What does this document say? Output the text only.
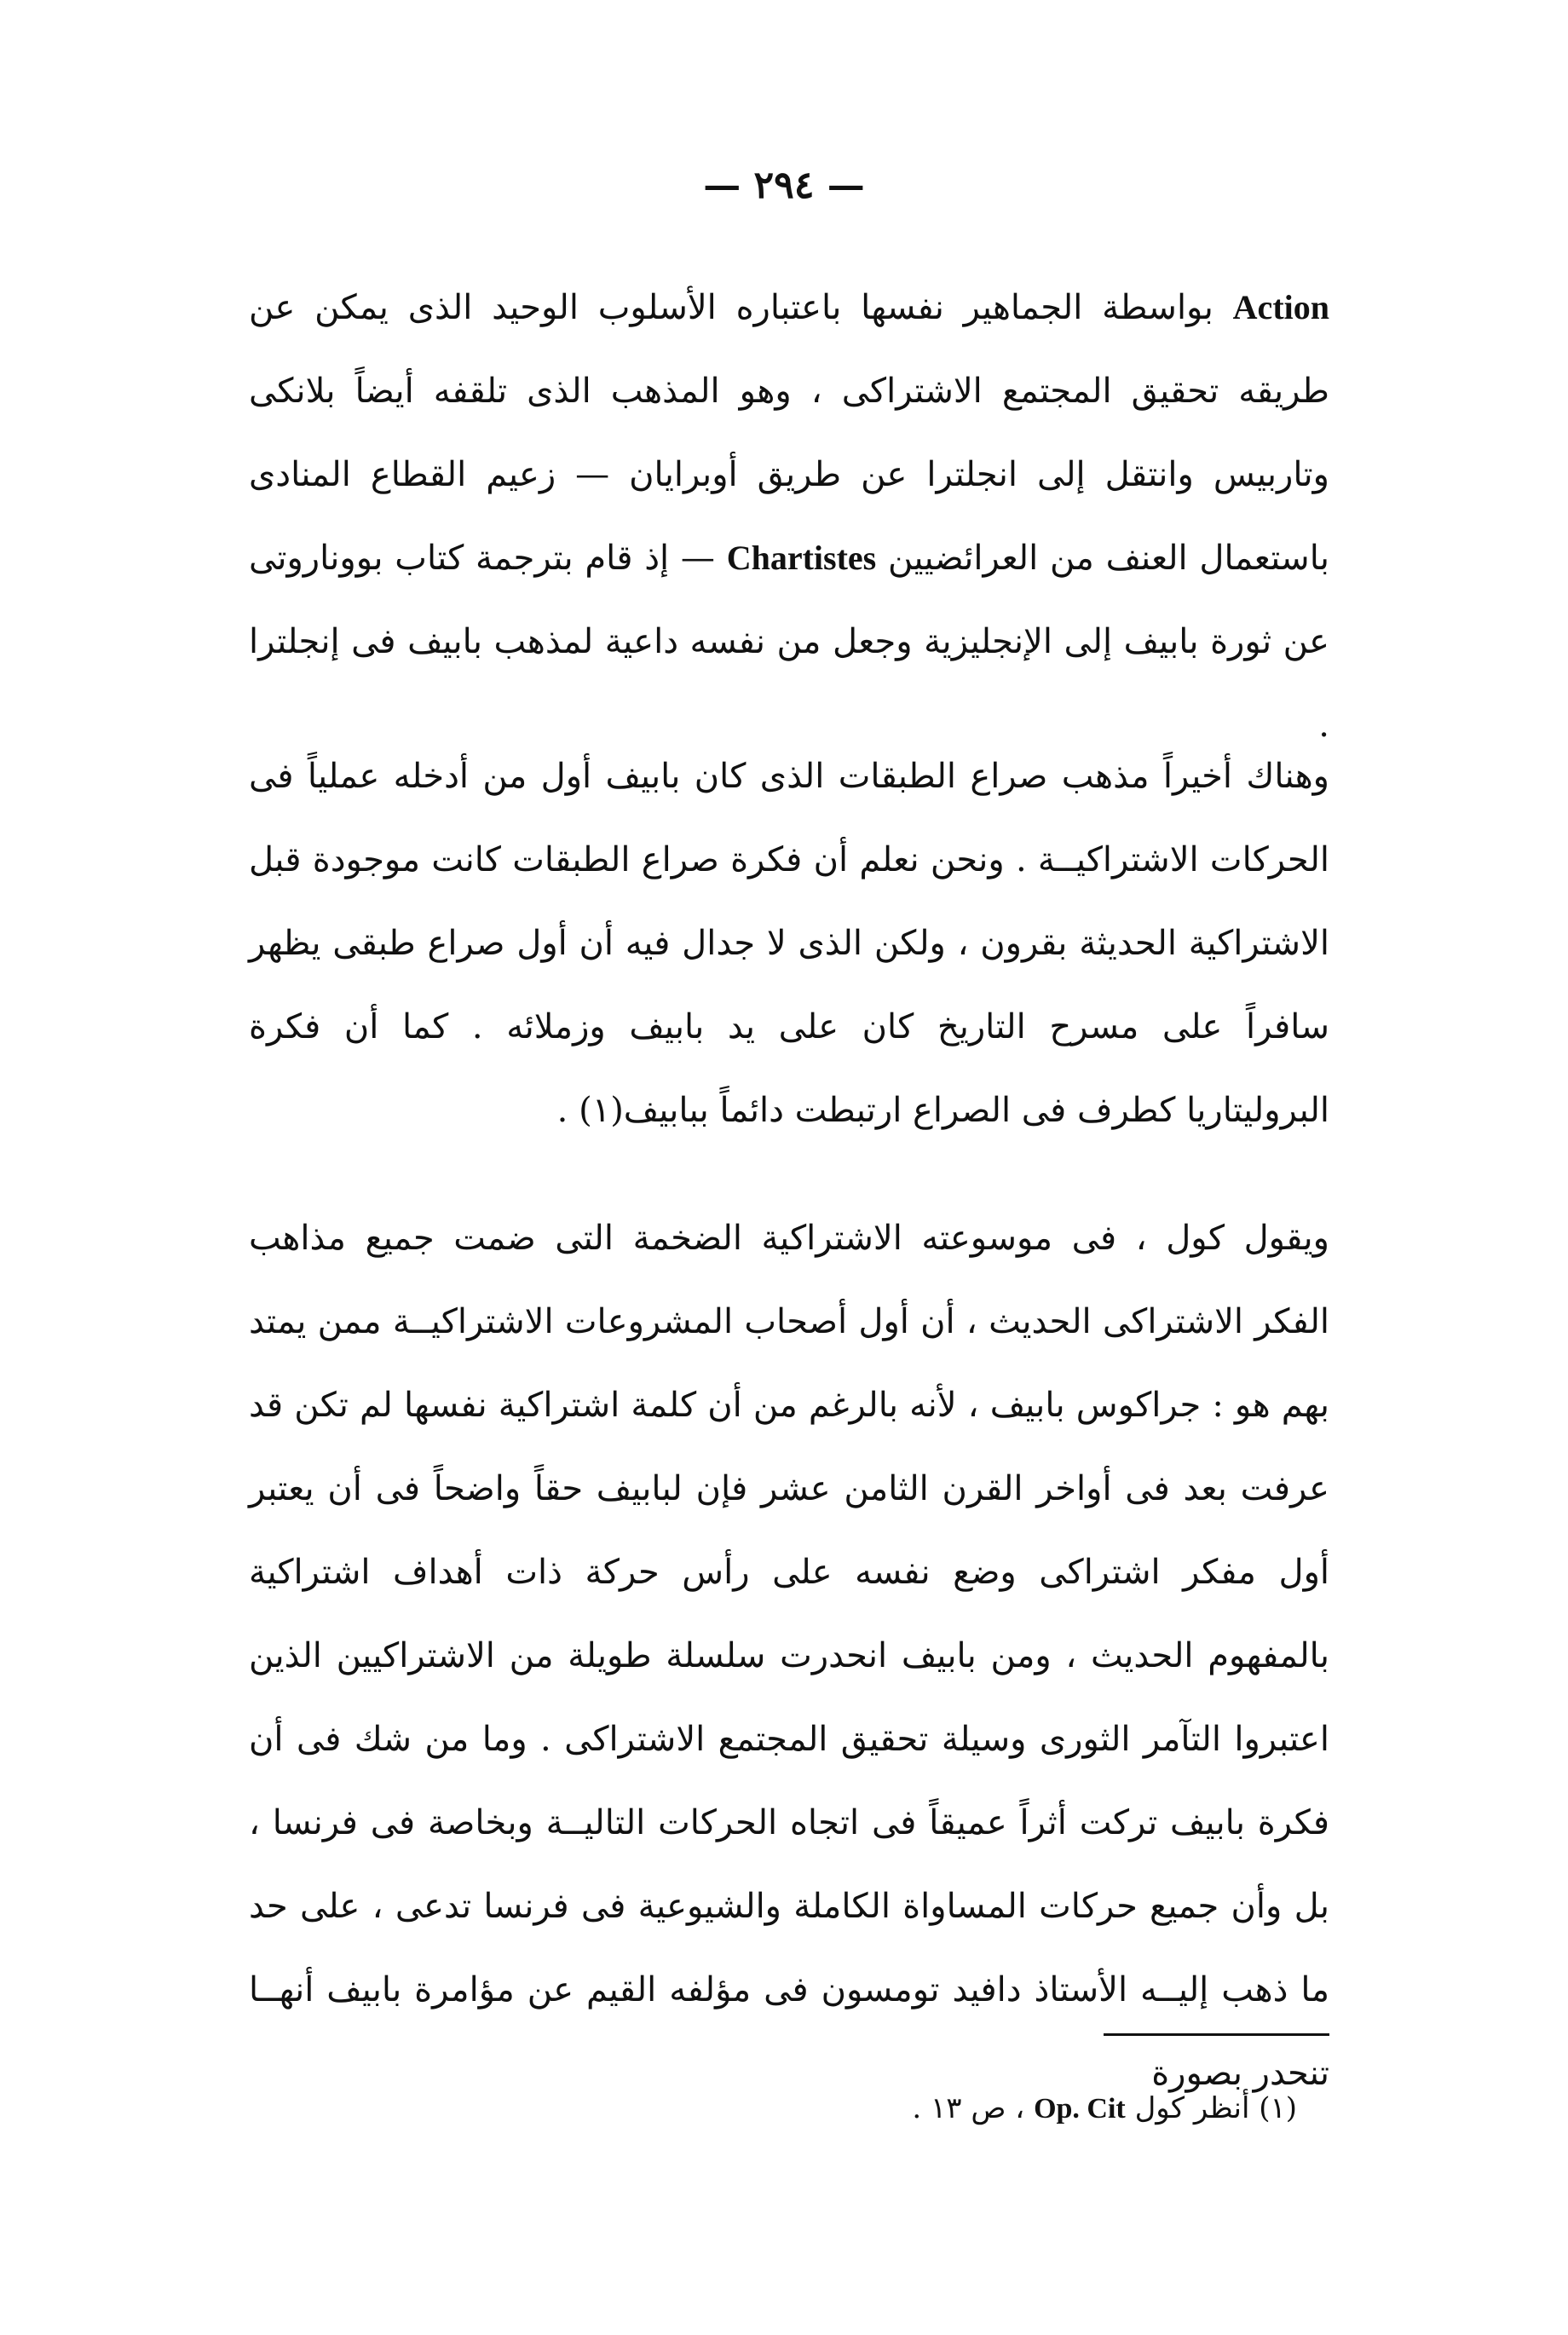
— ٢٩٤ —

Action بواسطة الجماهير نفسها باعتباره الأسلوب الوحيد الذى يمكن عن طريقه تحقيق المجتمع الاشتراكى ، وهو المذهب الذى تلقفه أيضاً بلانكى وتاربيس وانتقل إلى انجلترا عن طريق أوبرايان — زعيم القطاع المنادى باستعمال العنف من العرائضيين Chartistes — إذ قام بترجمة كتاب بووناروتى عن ثورة بابيف إلى الإنجليزية وجعل من نفسه داعية لمذهب بابيف فى إنجلترا .

وهناك أخيراً مذهب صراع الطبقات الذى كان بابيف أول من أدخله عملياً فى الحركات الاشتراكيــة . ونحن نعلم أن فكرة صراع الطبقات كانت موجودة قبل الاشتراكية الحديثة بقرون ، ولكن الذى لا جدال فيه أن أول صراع طبقى يظهر سافراً على مسرح التاريخ كان على يد بابيف وزملائه . كما أن فكرة البروليتاريا كطرف فى الصراع ارتبطت دائماً ببابيف(١) .

ويقول كول ، فى موسوعته الاشتراكية الضخمة التى ضمت جميع مذاهب الفكر الاشتراكى الحديث ، أن أول أصحاب المشروعات الاشتراكيــة ممن يمتد بهم هو : جراكوس بابيف ، لأنه بالرغم من أن كلمة اشتراكية نفسها لم تكن قد عرفت بعد فى أواخر القرن الثامن عشر فإن لبابيف حقاً واضحاً فى أن يعتبر أول مفكر اشتراكى وضع نفسه على رأس حركة ذات أهداف اشتراكية بالمفهوم الحديث ، ومن بابيف انحدرت سلسلة طويلة من الاشتراكيين الذين اعتبروا التآمر الثورى وسيلة تحقيق المجتمع الاشتراكى . وما من شك فى أن فكرة بابيف تركت أثراً عميقاً فى اتجاه الحركات التاليــة وبخاصة فى فرنسا ، بل وأن جميع حركات المساواة الكاملة والشيوعية فى فرنسا تدعى ، على حد ما ذهب إليــه الأستاذ دافيد تومسون فى مؤلفه القيم عن مؤامرة بابيف أنهــا تنحدر بصورة

(١) أنظر كول Op. Cit ، ص ١٣ .
